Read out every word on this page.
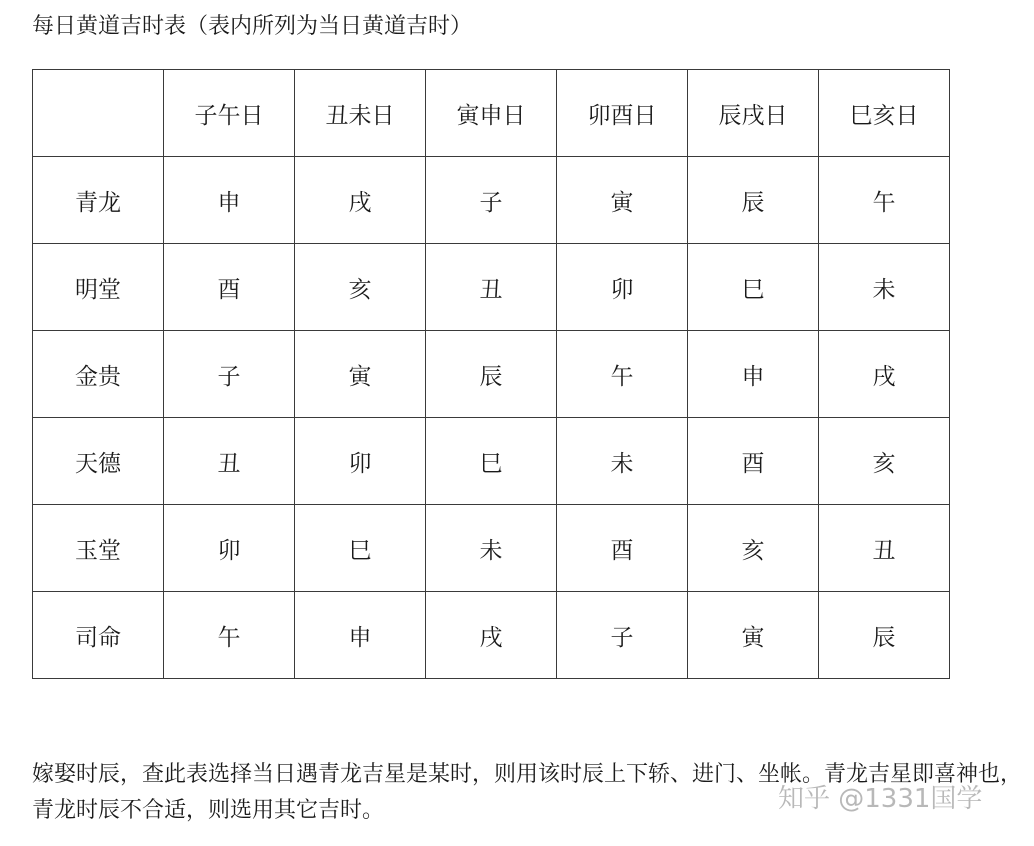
每日黄道吉时表（表内所列为当日黄道吉时）
	子午日	丑未日	寅申日	卯酉日	辰戌日	巳亥日
青龙	申	戌	子	寅	辰	午
明堂	酉	亥	丑	卯	巳	未
金贵	子	寅	辰	午	申	戌
天德	丑	卯	巳	未	酉	亥
玉堂	卯	巳	未	酉	亥	丑
司命	午	申	戌	子	寅	辰
嫁娶时辰，查此表选择当日遇青龙吉星是某时，则用该时辰上下轿、进门、坐帐。青龙吉星即喜神也，青龙时辰不合适，则选用其它吉时。	知乎 @1331国学
